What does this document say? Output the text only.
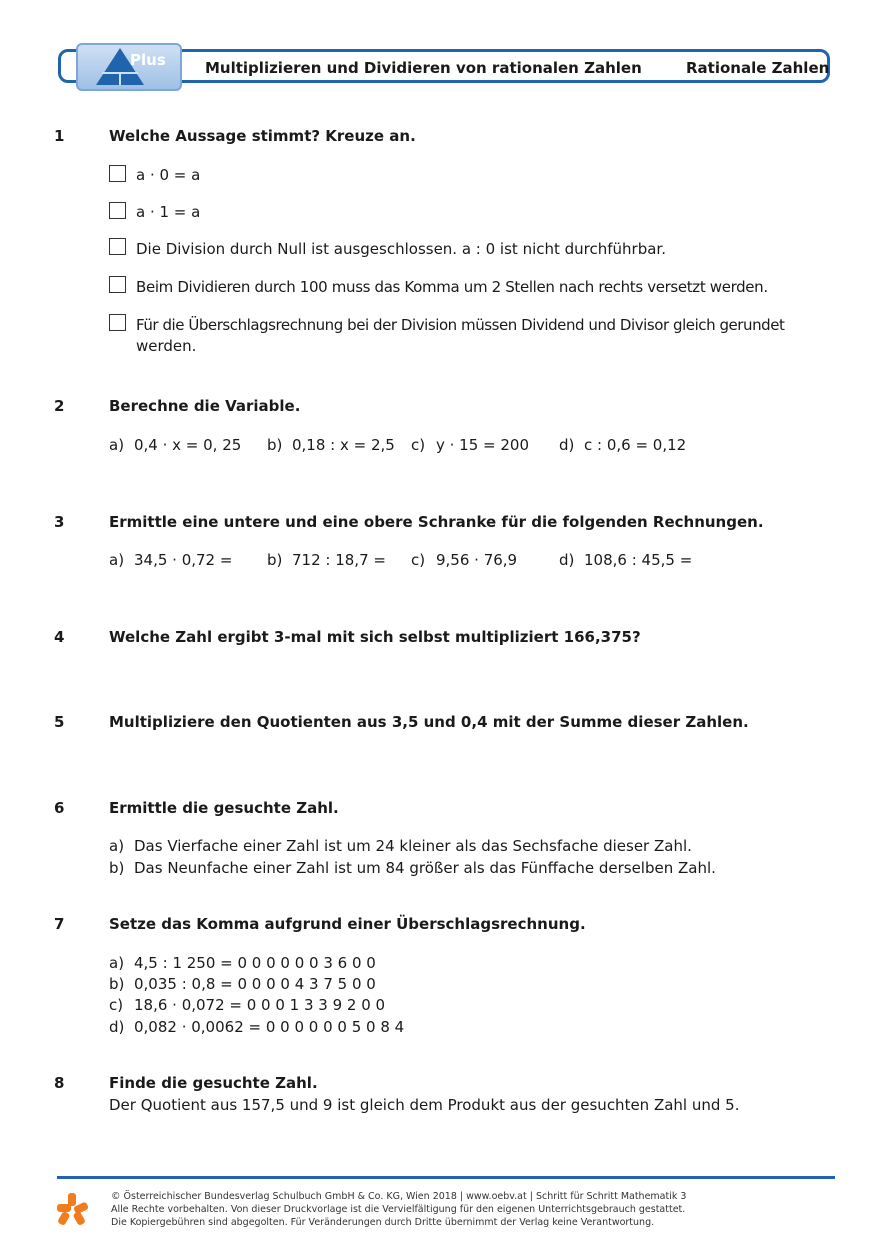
Plus	Multiplizieren und Dividieren von rationalen Zahlen	Rationale Zahlen
1	Welche Aussage stimmt? Kreuze an.
a · 0 = a
a · 1 = a
Die Division durch Null ist ausgeschlossen. a : 0 ist nicht durchführbar.
Beim Dividieren durch 100 muss das Komma um 2 Stellen nach rechts versetzt werden.
Für die Überschlagsrechnung bei der Division müssen Dividend und Divisor gleich gerundet
werden.
2	Berechne die Variable.
a) 0,4 · x = 0, 25 b) 0,18 : x = 2,5 c) y · 15 = 200 d) c : 0,6 = 0,12
3	Ermittle eine untere und eine obere Schranke für die folgenden Rechnungen.
a) 34,5 · 0,72 = b) 712 : 18,7 = c) 9,56 · 76,9	d) 108,6 : 45,5 =
4	Welche Zahl ergibt 3-mal mit sich selbst multipliziert 166,375?
5	Multipliziere den Quotienten aus 3,5 und 0,4 mit der Summe dieser Zahlen.
6	Ermittle die gesuchte Zahl.
a) Das Vierfache einer Zahl ist um 24 kleiner als das Sechsfache dieser Zahl.
b) Das Neunfache einer Zahl ist um 84 größer als das Fünffache derselben Zahl.
7	Setze das Komma aufgrund einer Überschlagsrechnung.
a) 4,5 : 1 250 = 0 0 0 0 0 0 3 6 0 0
b) 0,035 : 0,8 = 0 0 0 0 4 3 7 5 0 0
c) 18,6 · 0,072 = 0 0 0 1 3 3 9 2 0 0
d) 0,082 · 0,0062 = 0 0 0 0 0 0 5 0 8 4
8	Finde die gesuchte Zahl.
Der Quotient aus 157,5 und 9 ist gleich dem Produkt aus der gesuchten Zahl und 5.
© Österreichischer Bundesverlag Schulbuch GmbH & Co. KG, Wien 2018 | www.oebv.at | Schritt für Schritt Mathematik 3
Alle Rechte vorbehalten. Von dieser Druckvorlage ist die Vervielfältigung für den eigenen Unterrichtsgebrauch gestattet.
Die Kopiergebühren sind abgegolten. Für Veränderungen durch Dritte übernimmt der Verlag keine Verantwortung.
